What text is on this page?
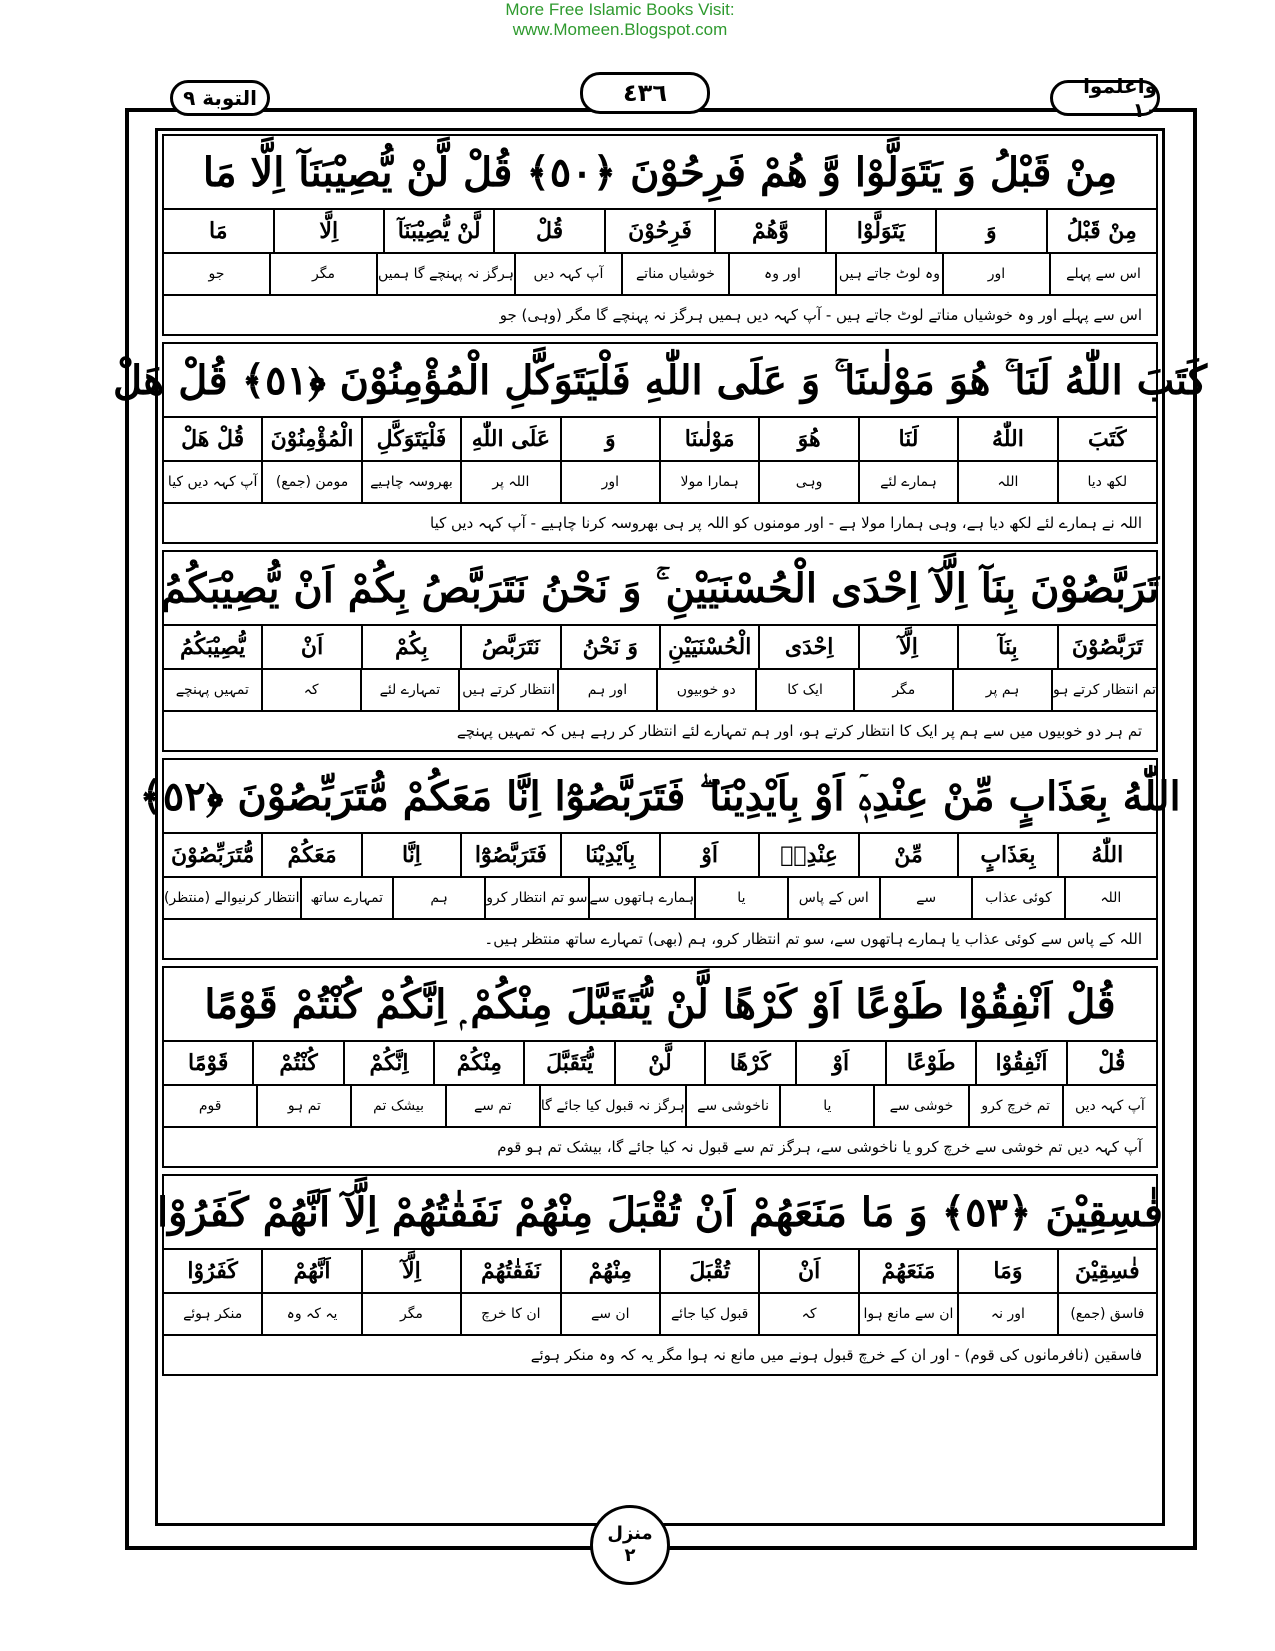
More Free Islamic Books Visit:
www.Momeen.Blogspot.com
التوبة ٩	٤٣٦	واعلموا ١٠
مِنْ قَبْلُ وَ يَتَوَلَّوْا وَّ هُمْ فَرِحُوْنَ ﴿٥٠﴾ قُلْ لَّنْ يُّصِيْبَنَآ اِلَّا مَا
مِنْ قَبْلُ
وَ
يَتَوَلَّوْا
وَّهُمْ
فَرِحُوْنَ
قُلْ
لَّنْ يُّصِيْبَنَآ
اِلَّا
مَا
اس سے پہلے
اور
وہ لوٹ جاتے ہیں
اور وہ
خوشیاں مناتے
آپ کہہ دیں
ہرگز نہ پہنچے گا ہمیں
مگر
جو
اس سے پہلے اور وہ خوشیاں مناتے لوٹ جاتے ہیں - آپ کہہ دیں ہمیں ہرگز نہ پہنچے گا مگر (وہی) جو
كَتَبَ اللّٰهُ لَنَا ۚ هُوَ مَوْلٰىنَا ۚ وَ عَلَى اللّٰهِ فَلْيَتَوَكَّلِ الْمُؤْمِنُوْنَ ﴿٥١﴾ قُلْ هَلْ
كَتَبَ
اللّٰهُ
لَنَا
هُوَ
مَوْلٰىنَا
وَ
عَلَى اللّٰهِ
فَلْيَتَوَكَّلِ
الْمُؤْمِنُوْنَ
قُلْ هَلْ
لکھ دیا
اللہ
ہمارے لئے
وہی
ہمارا مولا
اور
اللہ پر
بھروسہ چاہیے
مومن (جمع)
آپ کہہ دیں کیا
اللہ نے ہمارے لئے لکھ دیا ہے، وہی ہمارا مولا ہے - اور مومنوں کو اللہ پر ہی بھروسہ کرنا چاہیے - آپ کہہ دیں کیا
تَرَبَّصُوْنَ بِنَآ اِلَّآ اِحْدَى الْحُسْنَيَيْنِ ۚ وَ نَحْنُ نَتَرَبَّصُ بِكُمْ اَنْ يُّصِيْبَكُمُ
تَرَبَّصُوْنَ
بِنَآ
اِلَّآ
اِحْدَى
الْحُسْنَيَيْنِ
وَ نَحْنُ
نَتَرَبَّصُ
بِكُمْ
اَنْ
يُّصِيْبَكُمُ
تم انتظار کرتے ہو
ہم پر
مگر
ایک کا
دو خوبیوں
اور ہم
انتظار کرتے ہیں
تمہارے لئے
کہ
تمہیں پہنچے
تم ہر دو خوبیوں میں سے ہم پر ایک کا انتظار کرتے ہو، اور ہم تمہارے لئے انتظار کر رہے ہیں کہ تمہیں پہنچے
اللّٰهُ بِعَذَابٍ مِّنْ عِنْدِهٖۤ اَوْ بِاَيْدِيْنَا ۖ فَتَرَبَّصُوْٓا اِنَّا مَعَكُمْ مُّتَرَبِّصُوْنَ ﴿٥٢﴾
اللّٰهُ
بِعَذَابٍ
مِّنْ
عِنْدِهٖ
اَوْ
بِاَيْدِيْنَا
فَتَرَبَّصُوْٓا
اِنَّا
مَعَكُمْ
مُّتَرَبِّصُوْنَ
اللہ
کوئی عذاب
سے
اس کے پاس
یا
ہمارے ہاتھوں سے
سو تم انتظار کرو
ہم
تمہارے ساتھ
انتظار کرنیوالے (منتظر)
اللہ کے پاس سے کوئی عذاب یا ہمارے ہاتھوں سے، سو تم انتظار کرو، ہم (بھی) تمہارے ساتھ منتظر ہیں۔
قُلْ اَنْفِقُوْا طَوْعًا اَوْ كَرْهًا لَّنْ يُّتَقَبَّلَ مِنْكُمْ ۭ اِنَّكُمْ كُنْتُمْ قَوْمًا
قُلْ
اَنْفِقُوْا
طَوْعًا
اَوْ
كَرْهًا
لَّنْ
يُّتَقَبَّلَ
مِنْكُمْ
اِنَّكُمْ
كُنْتُمْ
قَوْمًا
آپ کہہ دیں
تم خرچ کرو
خوشی سے
یا
ناخوشی سے
ہرگز نہ قبول کیا جائے گا
تم سے
بیشک تم
تم ہو
قوم
آپ کہہ دیں تم خوشی سے خرچ کرو یا ناخوشی سے، ہرگز تم سے قبول نہ کیا جائے گا، بیشک تم ہو قوم
فٰسِقِيْنَ ﴿٥٣﴾ وَ مَا مَنَعَهُمْ اَنْ تُقْبَلَ مِنْهُمْ نَفَقٰتُهُمْ اِلَّآ اَنَّهُمْ كَفَرُوْا
فٰسِقِيْنَ
وَمَا
مَنَعَهُمْ
اَنْ
تُقْبَلَ
مِنْهُمْ
نَفَقٰتُهُمْ
اِلَّآ
اَنَّهُمْ
كَفَرُوْا
فاسق (جمع)
اور نہ
ان سے مانع ہوا
کہ
قبول کیا جائے
ان سے
ان کا خرچ
مگر
یہ کہ وہ
منکر ہوئے
فاسقین (نافرمانوں کی قوم) - اور ان کے خرچ قبول ہونے میں مانع نہ ہوا مگر یہ کہ وہ منکر ہوئے
منزل
٢
